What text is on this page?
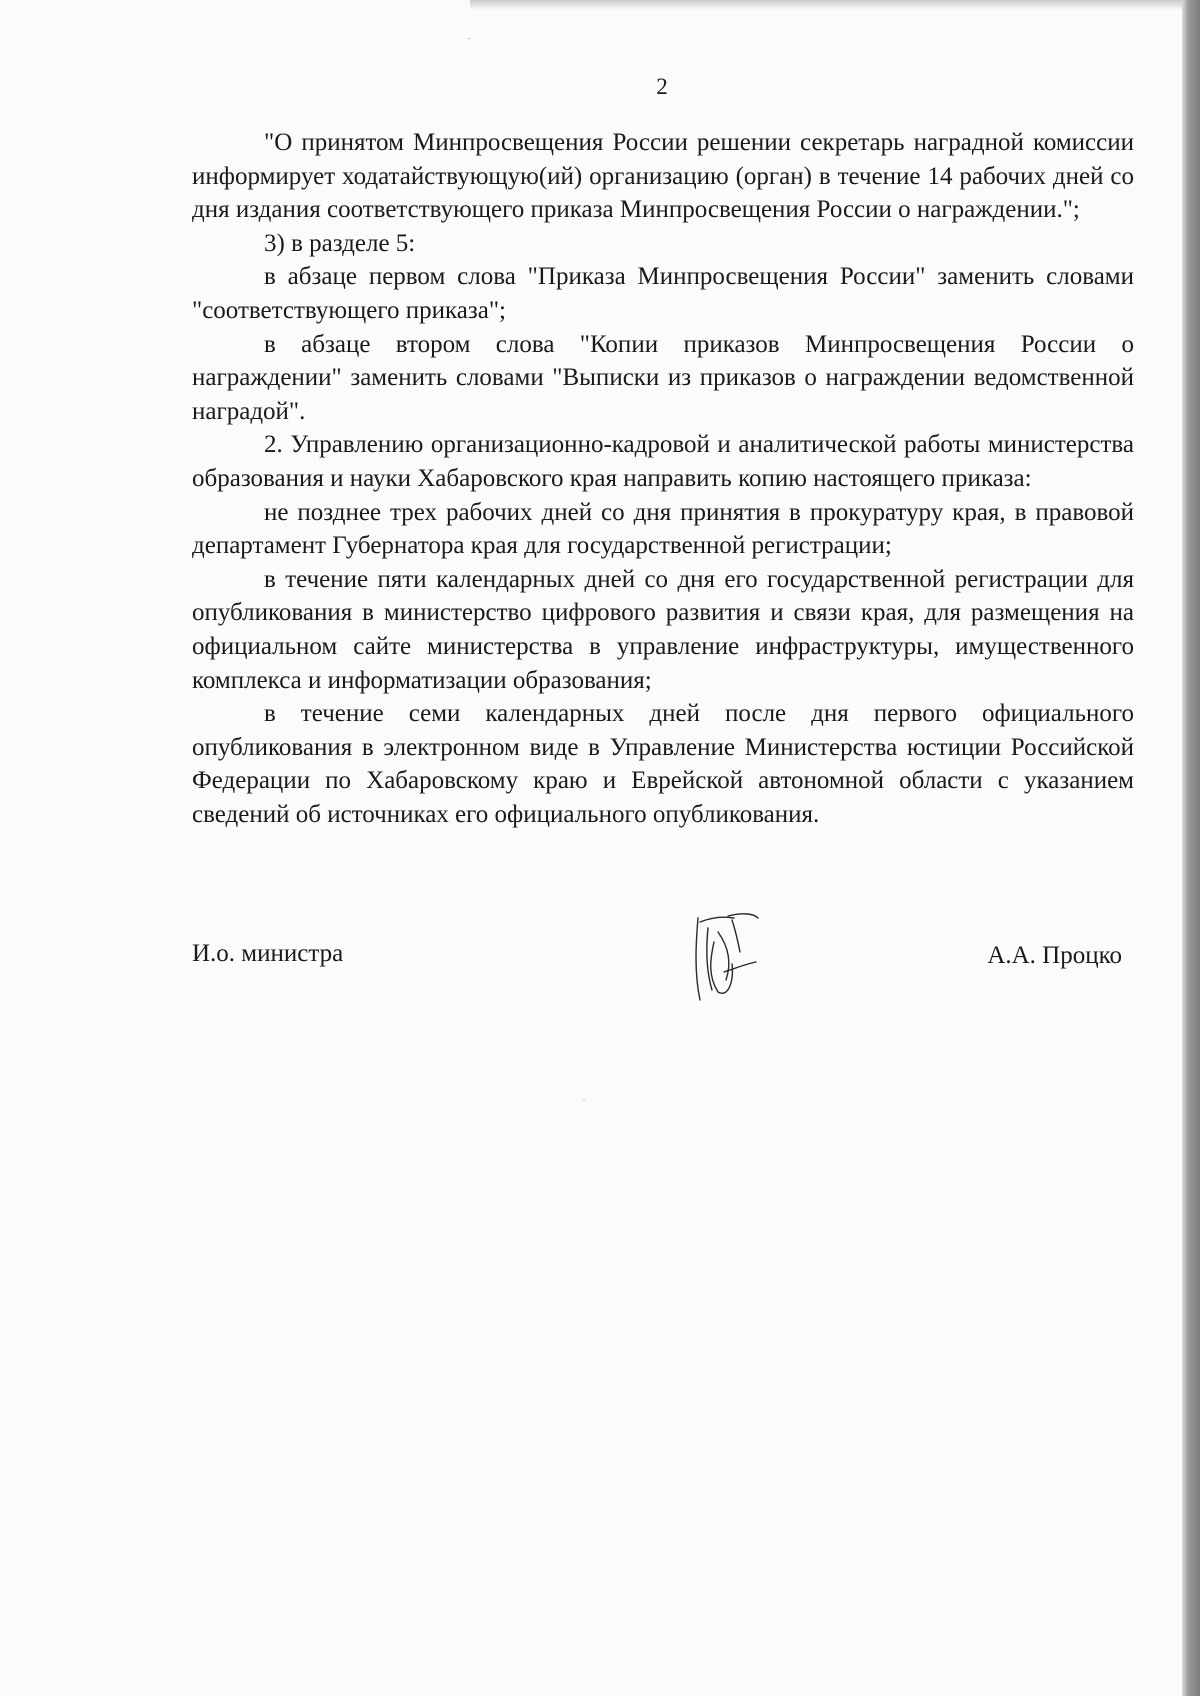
2

"О принятом Минпросвещения России решении секретарь наградной комиссии информирует ходатайствующую(ий) организацию (орган) в течение 14 рабочих дней со дня издания соответствующего приказа Минпросвещения России о награждении.";

3) в разделе 5:

в абзаце первом слова "Приказа Минпросвещения России" заменить словами "соответствующего приказа";

в абзаце втором слова "Копии приказов Минпросвещения России о награждении" заменить словами "Выписки из приказов о награждении ведомственной наградой".

2. Управлению организационно-кадровой и аналитической работы министерства образования и науки Хабаровского края направить копию настоящего приказа:

не позднее трех рабочих дней со дня принятия в прокуратуру края, в правовой департамент Губернатора края для государственной регистрации;

в течение пяти календарных дней со дня его государственной регистрации для опубликования в министерство цифрового развития и связи края, для размещения на официальном сайте министерства в управление инфраструктуры, имущественного комплекса и информатизации образования;

в течение семи календарных дней после дня первого официального опубликования в электронном виде в Управление Министерства юстиции Российской Федерации по Хабаровскому краю и Еврейской автономной области с указанием сведений об источниках его официального опубликования.

И.о. министра	А.А. Процко
